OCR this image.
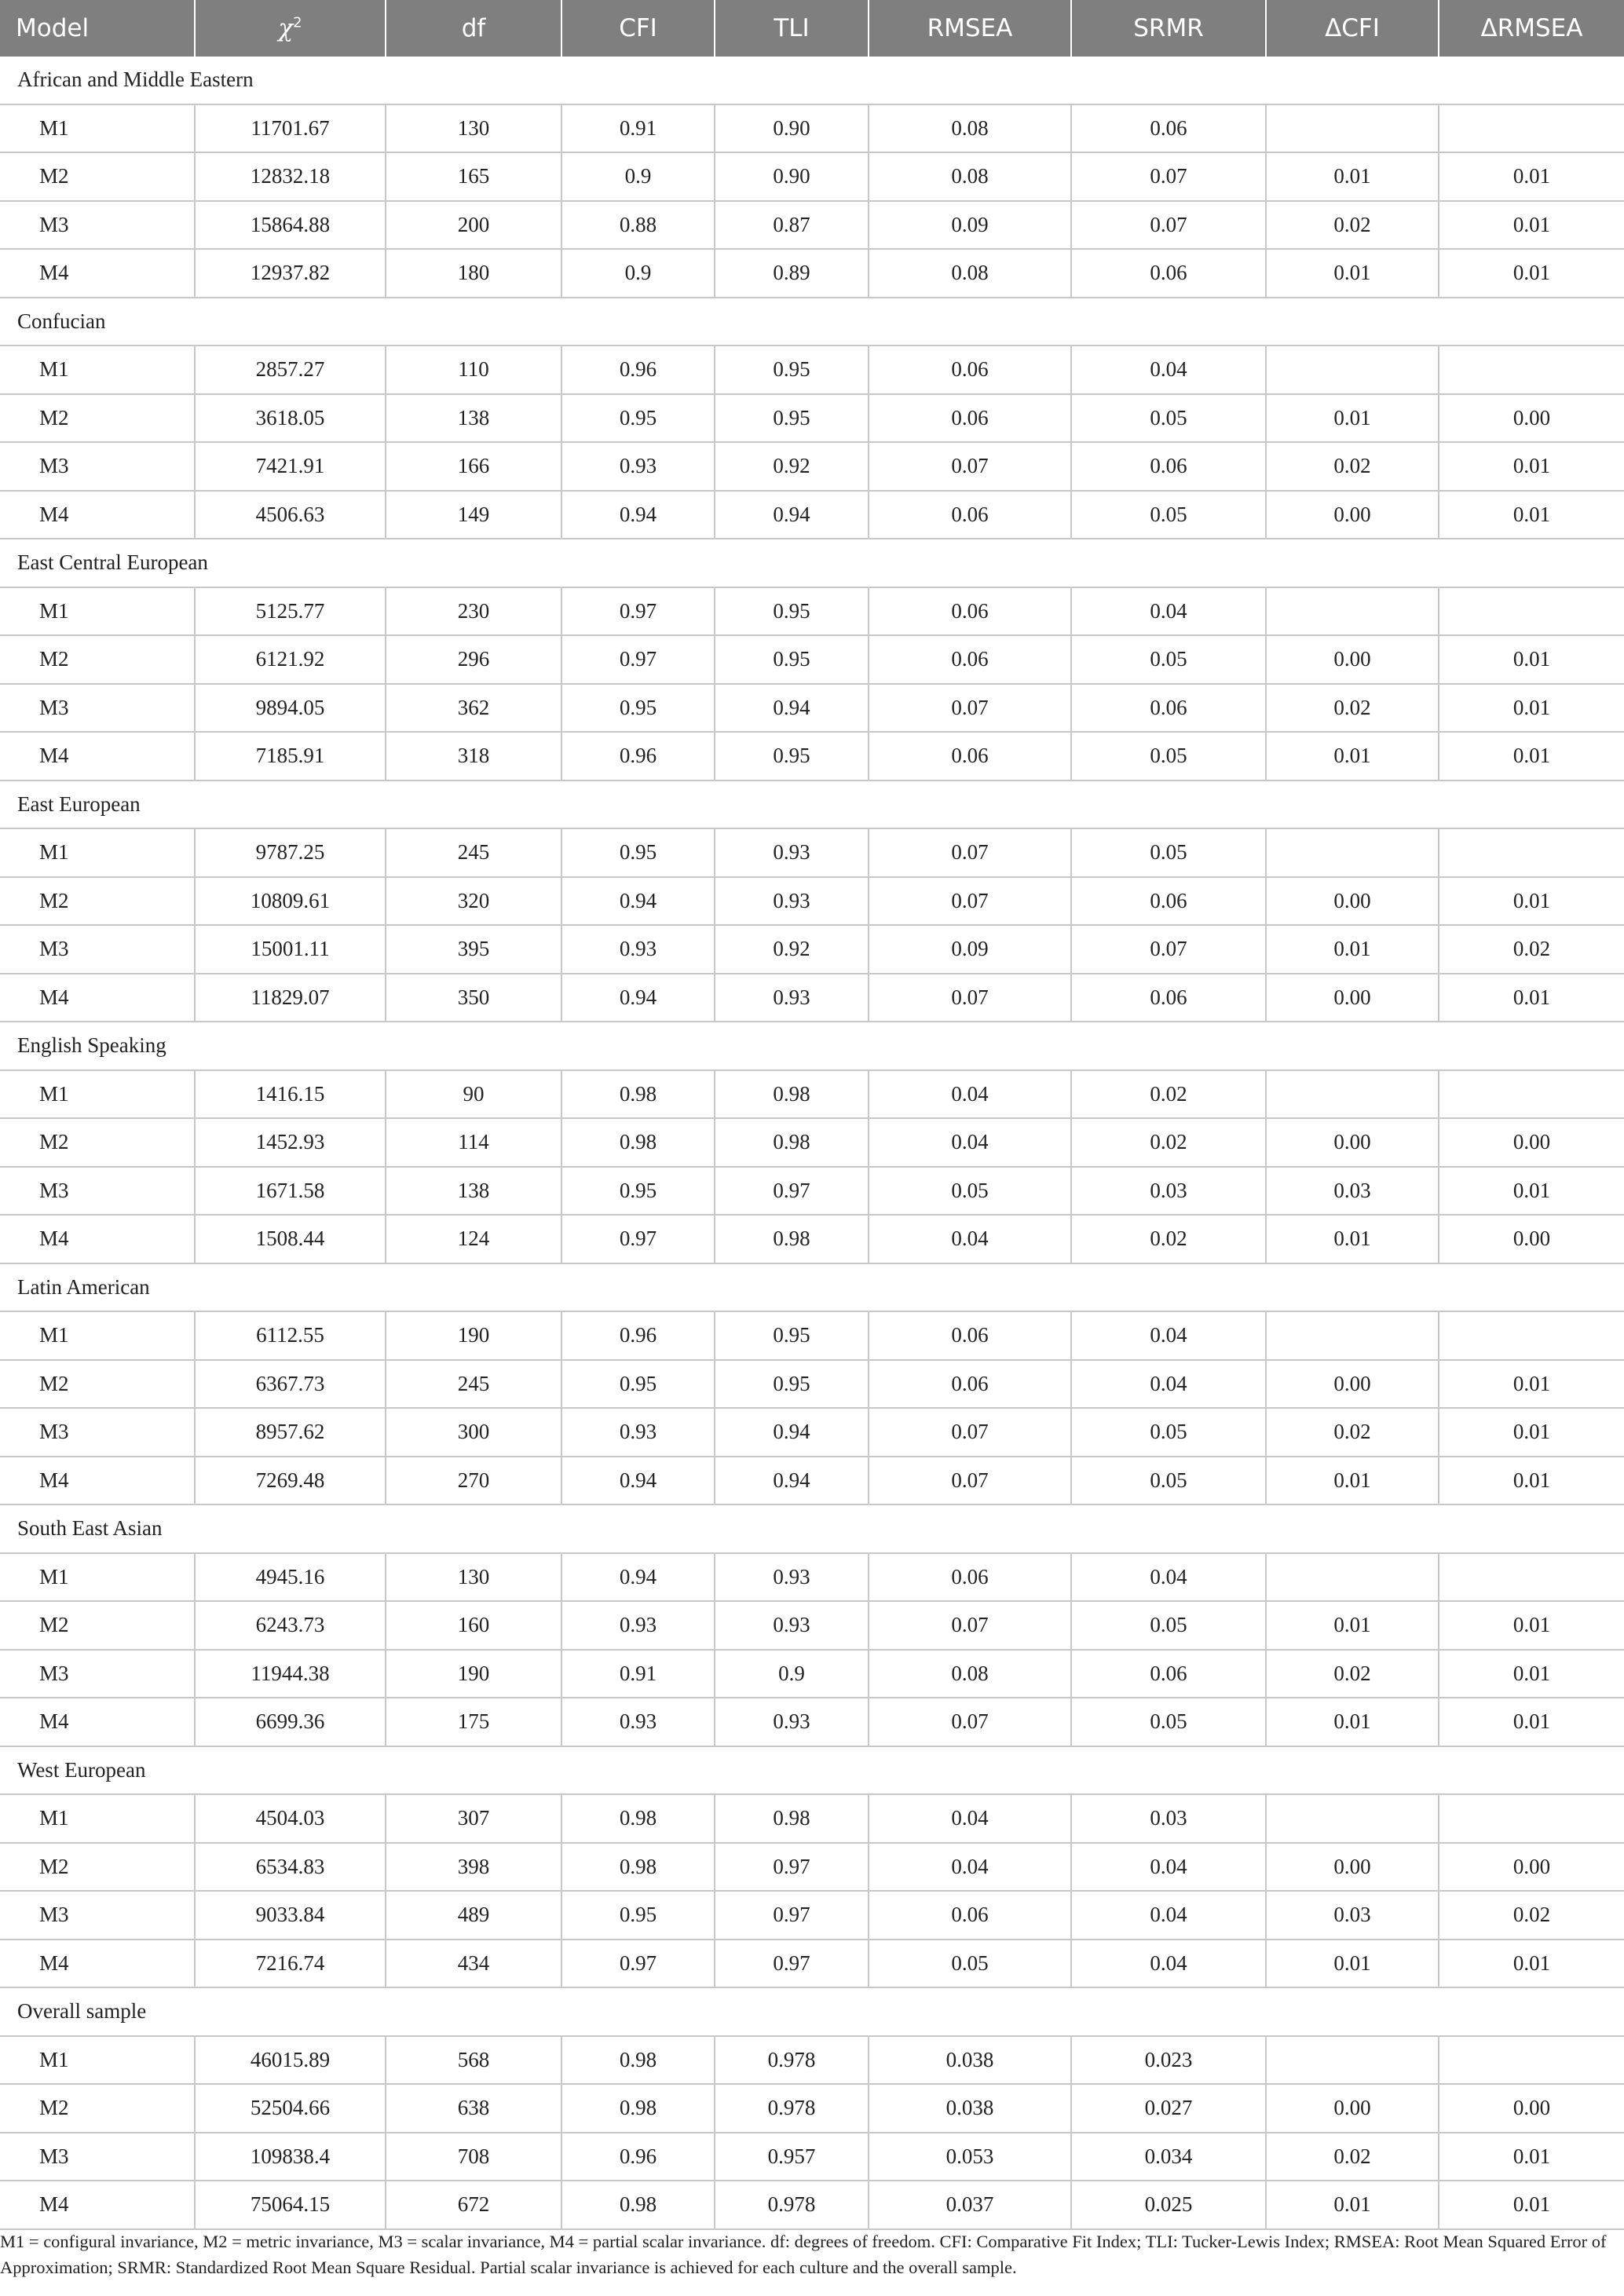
Model	$\chi^2$	df	CFI	TLI	RMSEA	SRMR	ΔCFI	ΔRMSEA
African and Middle Eastern								
M1	11701.67	130	0.91	0.90	0.08	0.06		
M2	12832.18	165	0.9	0.90	0.08	0.07	0.01	0.01
M3	15864.88	200	0.88	0.87	0.09	0.07	0.02	0.01
M4	12937.82	180	0.9	0.89	0.08	0.06	0.01	0.01
Confucian								
M1	2857.27	110	0.96	0.95	0.06	0.04		
M2	3618.05	138	0.95	0.95	0.06	0.05	0.01	0.00
M3	7421.91	166	0.93	0.92	0.07	0.06	0.02	0.01
M4	4506.63	149	0.94	0.94	0.06	0.05	0.00	0.01
East Central European								
M1	5125.77	230	0.97	0.95	0.06	0.04		
M2	6121.92	296	0.97	0.95	0.06	0.05	0.00	0.01
M3	9894.05	362	0.95	0.94	0.07	0.06	0.02	0.01
M4	7185.91	318	0.96	0.95	0.06	0.05	0.01	0.01
East European								
M1	9787.25	245	0.95	0.93	0.07	0.05		
M2	10809.61	320	0.94	0.93	0.07	0.06	0.00	0.01
M3	15001.11	395	0.93	0.92	0.09	0.07	0.01	0.02
M4	11829.07	350	0.94	0.93	0.07	0.06	0.00	0.01
English Speaking								
M1	1416.15	90	0.98	0.98	0.04	0.02		
M2	1452.93	114	0.98	0.98	0.04	0.02	0.00	0.00
M3	1671.58	138	0.95	0.97	0.05	0.03	0.03	0.01
M4	1508.44	124	0.97	0.98	0.04	0.02	0.01	0.00
Latin American								
M1	6112.55	190	0.96	0.95	0.06	0.04		
M2	6367.73	245	0.95	0.95	0.06	0.04	0.00	0.01
M3	8957.62	300	0.93	0.94	0.07	0.05	0.02	0.01
M4	7269.48	270	0.94	0.94	0.07	0.05	0.01	0.01
South East Asian								
M1	4945.16	130	0.94	0.93	0.06	0.04		
M2	6243.73	160	0.93	0.93	0.07	0.05	0.01	0.01
M3	11944.38	190	0.91	0.9	0.08	0.06	0.02	0.01
M4	6699.36	175	0.93	0.93	0.07	0.05	0.01	0.01
West European								
M1	4504.03	307	0.98	0.98	0.04	0.03		
M2	6534.83	398	0.98	0.97	0.04	0.04	0.00	0.00
M3	9033.84	489	0.95	0.97	0.06	0.04	0.03	0.02
M4	7216.74	434	0.97	0.97	0.05	0.04	0.01	0.01
Overall sample								
M1	46015.89	568	0.98	0.978	0.038	0.023		
M2	52504.66	638	0.98	0.978	0.038	0.027	0.00	0.00
M3	109838.4	708	0.96	0.957	0.053	0.034	0.02	0.01
M4	75064.15	672	0.98	0.978	0.037	0.025	0.01	0.01

M1 = configural invariance, M2 = metric invariance, M3 = scalar invariance, M4 = partial scalar invariance. df: degrees of freedom. CFI: Comparative Fit Index; TLI: Tucker-Lewis Index; RMSEA: Root Mean Squared Error of Approximation; SRMR: Standardized Root Mean Square Residual. Partial scalar invariance is achieved for each culture and the overall sample.
